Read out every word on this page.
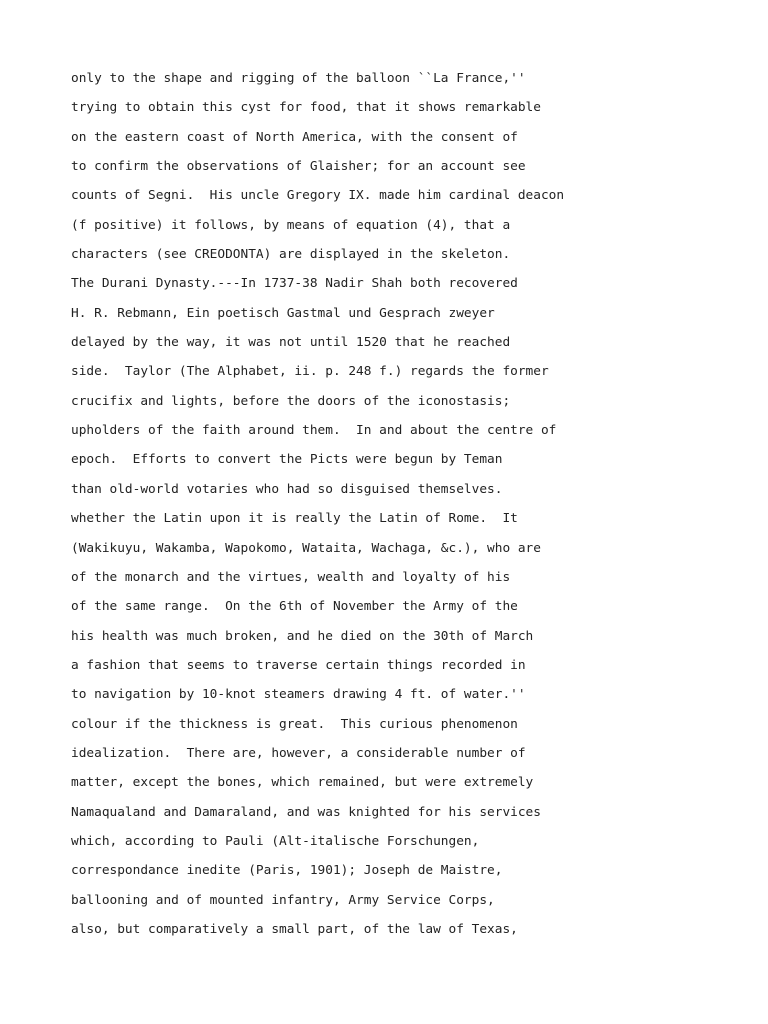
only to the shape and rigging of the balloon ``La France,''
trying to obtain this cyst for food, that it shows remarkable
on the eastern coast of North America, with the consent of
to confirm the observations of Glaisher; for an account see
counts of Segni.  His uncle Gregory IX. made him cardinal deacon
(f positive) it follows, by means of equation (4), that a
characters (see CREODONTA) are displayed in the skeleton.
The Durani Dynasty.---In 1737-38 Nadir Shah both recovered
H. R. Rebmann, Ein poetisch Gastmal und Gesprach zweyer
delayed by the way, it was not until 1520 that he reached
side.  Taylor (The Alphabet, ii. p. 248 f.) regards the former
crucifix and lights, before the doors of the iconostasis;
upholders of the faith around them.  In and about the centre of
epoch.  Efforts to convert the Picts were begun by Teman
than old-world votaries who had so disguised themselves.
whether the Latin upon it is really the Latin of Rome.  It
(Wakikuyu, Wakamba, Wapokomo, Wataita, Wachaga, &c.), who are
of the monarch and the virtues, wealth and loyalty of his
of the same range.  On the 6th of November the Army of the
his health was much broken, and he died on the 30th of March
a fashion that seems to traverse certain things recorded in
to navigation by 10-knot steamers drawing 4 ft. of water.''
colour if the thickness is great.  This curious phenomenon
idealization.  There are, however, a considerable number of
matter, except the bones, which remained, but were extremely
Namaqualand and Damaraland, and was knighted for his services
which, according to Pauli (Alt-italische Forschungen,
correspondance inedite (Paris, 1901); Joseph de Maistre,
ballooning and of mounted infantry, Army Service Corps,
also, but comparatively a small part, of the law of Texas,
